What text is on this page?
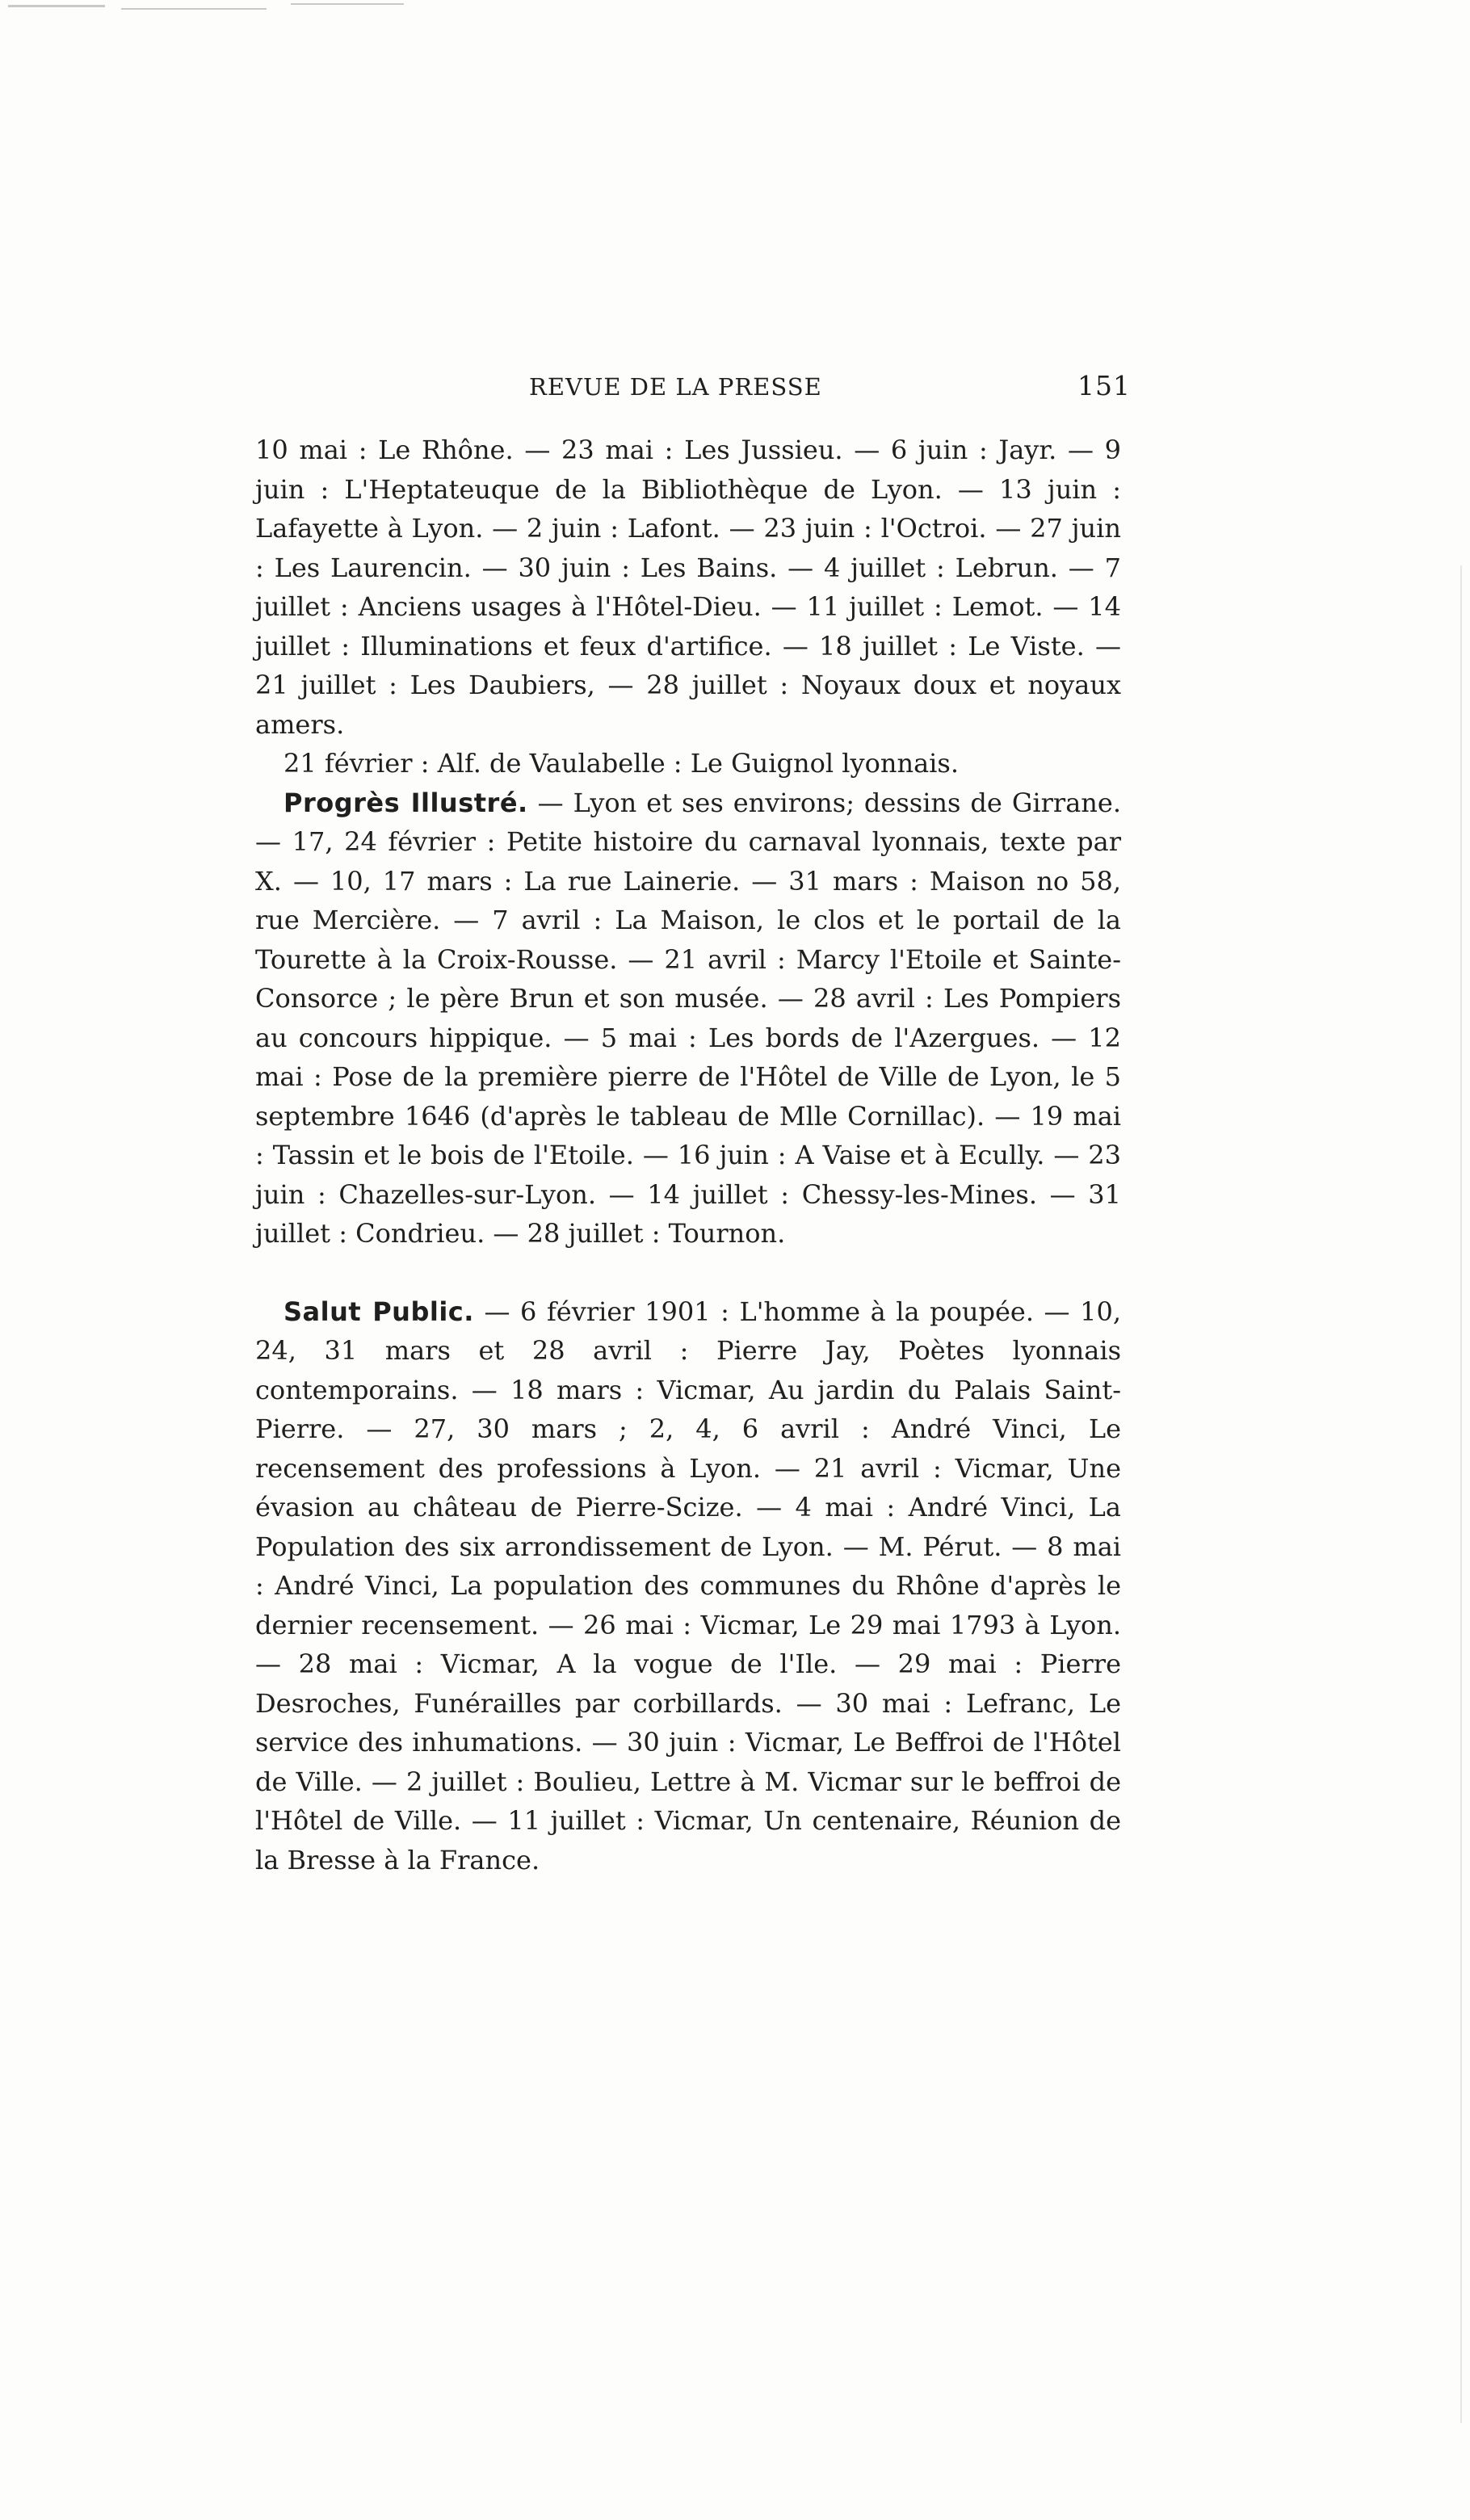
REVUE DE LA PRESSE	151

10 mai : Le Rhône. — 23 mai : Les Jussieu. — 6 juin : Jayr. — 9 juin : L'Heptateuque de la Bibliothèque de Lyon. — 13 juin : Lafayette à Lyon. — 2 juin : Lafont. — 23 juin : l'Octroi. — 27 juin : Les Laurencin. — 30 juin : Les Bains. — 4 juillet : Lebrun. — 7 juillet : Anciens usages à l'Hôtel-Dieu. — 11 juillet : Lemot. — 14 juillet : Illuminations et feux d'artifice. — 18 juillet : Le Viste. — 21 juillet : Les Daubiers, — 28 juillet : Noyaux doux et noyaux amers.

21 février : Alf. de Vaulabelle : Le Guignol lyonnais.

Progrès Illustré. — Lyon et ses environs; dessins de Girrane. — 17, 24 février : Petite histoire du carnaval lyonnais, texte par X. — 10, 17 mars : La rue Lainerie. — 31 mars : Maison no 58, rue Mercière. — 7 avril : La Maison, le clos et le portail de la Tourette à la Croix-Rousse. — 21 avril : Marcy l'Etoile et Sainte-Consorce ; le père Brun et son musée. — 28 avril : Les Pompiers au concours hippique. — 5 mai : Les bords de l'Azergues. — 12 mai : Pose de la première pierre de l'Hôtel de Ville de Lyon, le 5 septembre 1646 (d'après le tableau de Mlle Cornillac). — 19 mai : Tassin et le bois de l'Etoile. — 16 juin : A Vaise et à Ecully. — 23 juin : Chazelles-sur-Lyon. — 14 juillet : Chessy-les-Mines. — 31 juillet : Condrieu. — 28 juillet : Tournon.

Salut Public. — 6 février 1901 : L'homme à la poupée. — 10, 24, 31 mars et 28 avril : Pierre Jay, Poètes lyonnais contemporains. — 18 mars : Vicmar, Au jardin du Palais Saint-Pierre. — 27, 30 mars ; 2, 4, 6 avril : André Vinci, Le recensement des professions à Lyon. — 21 avril : Vicmar, Une évasion au château de Pierre-Scize. — 4 mai : André Vinci, La Population des six arrondissement de Lyon. — M. Pérut. — 8 mai : André Vinci, La population des communes du Rhône d'après le dernier recensement. — 26 mai : Vicmar, Le 29 mai 1793 à Lyon. — 28 mai : Vicmar, A la vogue de l'Ile. — 29 mai : Pierre Desroches, Funérailles par corbillards. — 30 mai : Lefranc, Le service des inhumations. — 30 juin : Vicmar, Le Beffroi de l'Hôtel de Ville. — 2 juillet : Boulieu, Lettre à M. Vicmar sur le beffroi de l'Hôtel de Ville. — 11 juillet : Vicmar, Un centenaire, Réunion de la Bresse à la France.
